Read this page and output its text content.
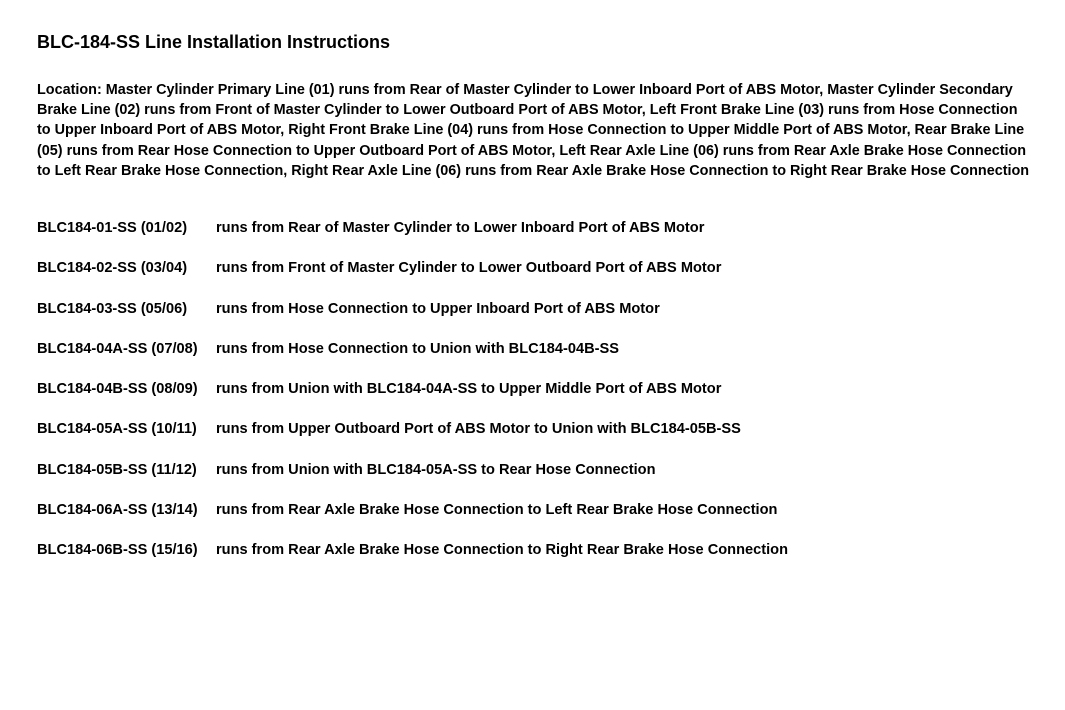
BLC-184-SS Line Installation Instructions
Location: Master Cylinder Primary Line (01) runs from Rear of Master Cylinder to Lower Inboard Port of ABS Motor, Master Cylinder Secondary
Brake Line (02) runs from Front of Master Cylinder to Lower Outboard Port of ABS Motor, Left Front Brake Line (03) runs from Hose Connection
to Upper Inboard Port of ABS Motor, Right Front Brake Line (04) runs from Hose Connection to Upper Middle Port of ABS Motor, Rear Brake Line
(05) runs from Rear Hose Connection to Upper Outboard Port of ABS Motor, Left Rear Axle Line (06) runs from Rear Axle Brake Hose Connection
to Left Rear Brake Hose Connection, Right Rear Axle Line (06) runs from Rear Axle Brake Hose Connection to Right Rear Brake Hose Connection
BLC184-01-SS (01/02) runs from Rear of Master Cylinder to Lower Inboard Port of ABS Motor
BLC184-02-SS (03/04) runs from Front of Master Cylinder to Lower Outboard Port of ABS Motor
BLC184-03-SS (05/06) runs from Hose Connection to Upper Inboard Port of ABS Motor
BLC184-04A-SS (07/08) runs from Hose Connection to Union with BLC184-04B-SS
BLC184-04B-SS (08/09) runs from Union with BLC184-04A-SS to Upper Middle Port of ABS Motor
BLC184-05A-SS (10/11) runs from Upper Outboard Port of ABS Motor to Union with BLC184-05B-SS
BLC184-05B-SS (11/12) runs from Union with BLC184-05A-SS to Rear Hose Connection
BLC184-06A-SS (13/14) runs from Rear Axle Brake Hose Connection to Left Rear Brake Hose Connection
BLC184-06B-SS (15/16) runs from Rear Axle Brake Hose Connection to Right Rear Brake Hose Connection
